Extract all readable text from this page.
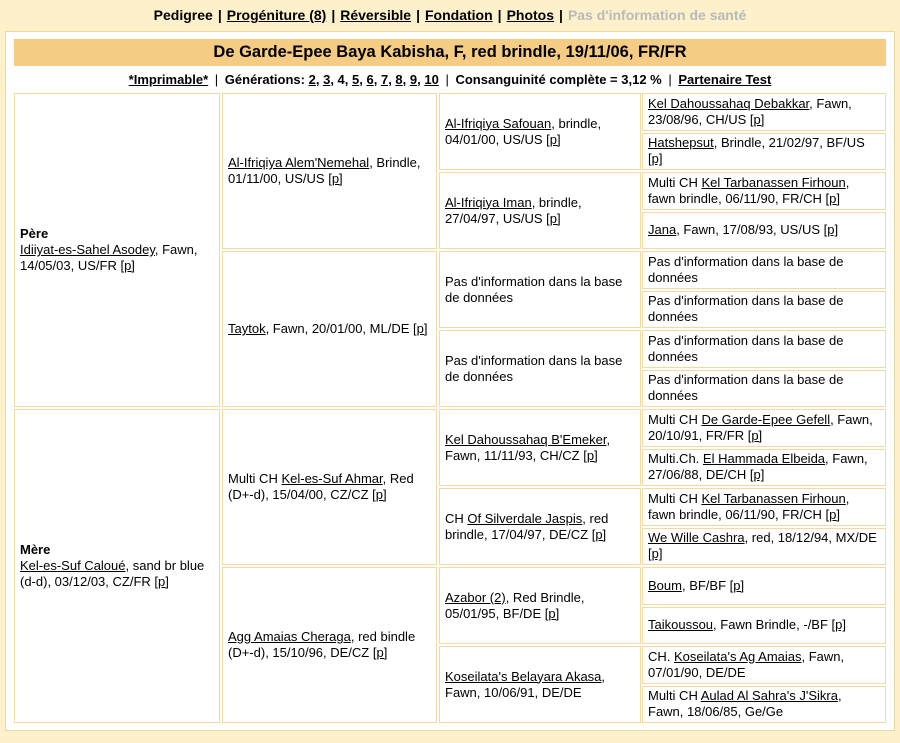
Pedigree | Progéniture (8) | Réversible | Fondation | Photos | Pas d'information de santé
De Garde-Epee Baya Kabisha, F, red brindle, 19/11/06, FR/FR
*Imprimable* | Générations: 2, 3, 4, 5, 6, 7, 8, 9, 10 | Consanguinité complète = 3,12 % | Partenaire Test
Père
Idiiyat-es-Sahel Asodey, Fawn, 14/05/03, US/FR [p]
Mère
Kel-es-Suf Caloué, sand br blue (d-d), 03/12/03, CZ/FR [p]
Al-Ifriqiya Alem'Nemehal, Brindle, 01/11/00, US/US [p]
Taytok, Fawn, 20/01/00, ML/DE [p]
Multi CH Kel-es-Suf Ahmar, Red (D+-d), 15/04/00, CZ/CZ [p]
Agg Amaias Cheraga, red bindle (D+-d), 15/10/96, DE/CZ [p]
Al-Ifriqiya Safouan, brindle, 04/01/00, US/US [p]
Al-Ifriqiya Iman, brindle, 27/04/97, US/US [p]
Pas d'information dans la base de données
Pas d'information dans la base de données
Kel Dahoussahaq B'Emeker, Fawn, 11/11/93, CH/CZ [p]
CH Of Silverdale Jaspis, red brindle, 17/04/97, DE/CZ [p]
Azabor (2), Red Brindle, 05/01/95, BF/DE [p]
Koseilata's Belayara Akasa, Fawn, 10/06/91, DE/DE
Kel Dahoussahaq Debakkar, Fawn, 23/08/96, CH/US [p]
Hatshepsut, Brindle, 21/02/97, BF/US [p]
Multi CH Kel Tarbanassen Firhoun, fawn brindle, 06/11/90, FR/CH [p]
Jana, Fawn, 17/08/93, US/US [p]
Pas d'information dans la base de données
Pas d'information dans la base de données
Pas d'information dans la base de données
Pas d'information dans la base de données
Multi CH De Garde-Epee Gefell, Fawn, 20/10/91, FR/FR [p]
Multi.Ch. El Hammada Elbeida, Fawn, 27/06/88, DE/CH [p]
Multi CH Kel Tarbanassen Firhoun, fawn brindle, 06/11/90, FR/CH [p]
We Wille Cashra, red, 18/12/94, MX/DE [p]
Boum, BF/BF [p]
Taikoussou, Fawn Brindle, -/BF [p]
CH. Koseilata's Ag Amaias, Fawn, 07/01/90, DE/DE
Multi CH Aulad Al Sahra's J'Sikra, Fawn, 18/06/85, Ge/Ge
